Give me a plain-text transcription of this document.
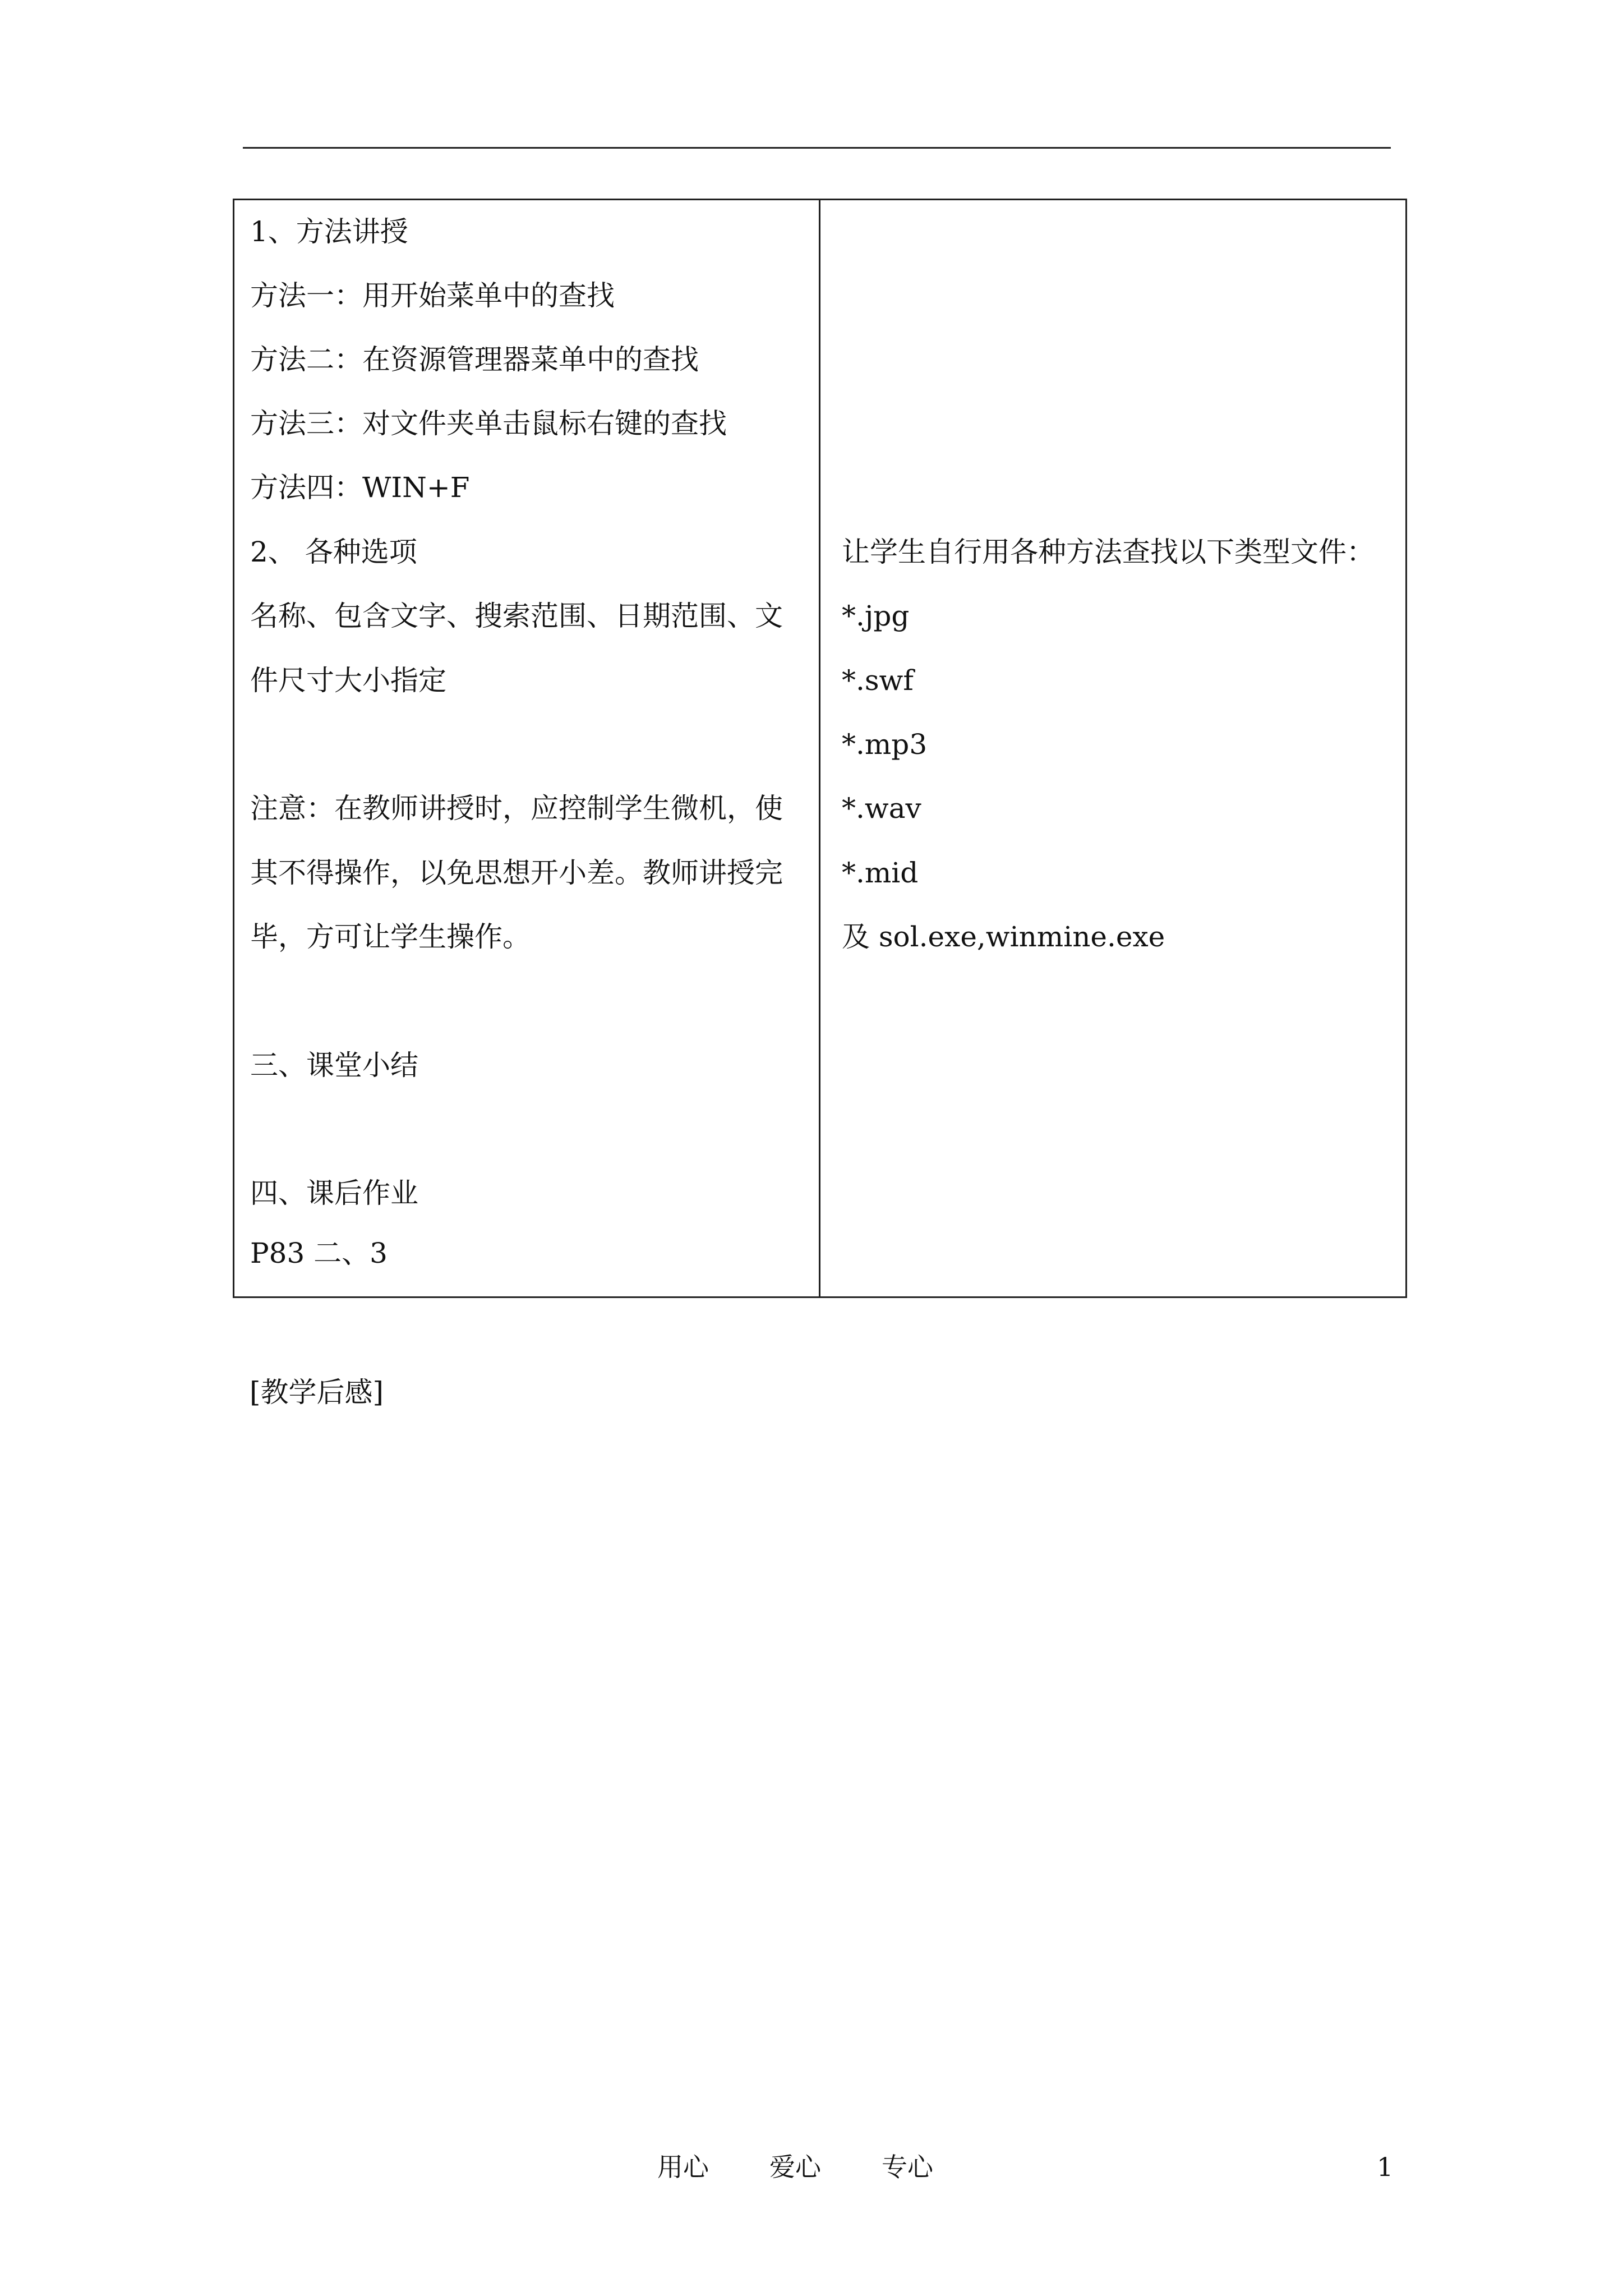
1、方法讲授
方法一：用开始菜单中的查找
方法二：在资源管理器菜单中的查找
方法三：对文件夹单击鼠标右键的查找
方法四：WIN+F
2、 各种选项
名称、包含文字、搜索范围、日期范围、文
件尺寸大小指定
注意：在教师讲授时，应控制学生微机，使
其不得操作，以免思想开小差。教师讲授完
毕，方可让学生操作。
三、课堂小结
四、课后作业
P83 二、3
让学生自行用各种方法查找以下类型文件：
*.jpg
*.swf
*.mp3
*.wav
*.mid
及 sol.exe,winmine.exe
[教学后感]
用心 爱心 专心	1
